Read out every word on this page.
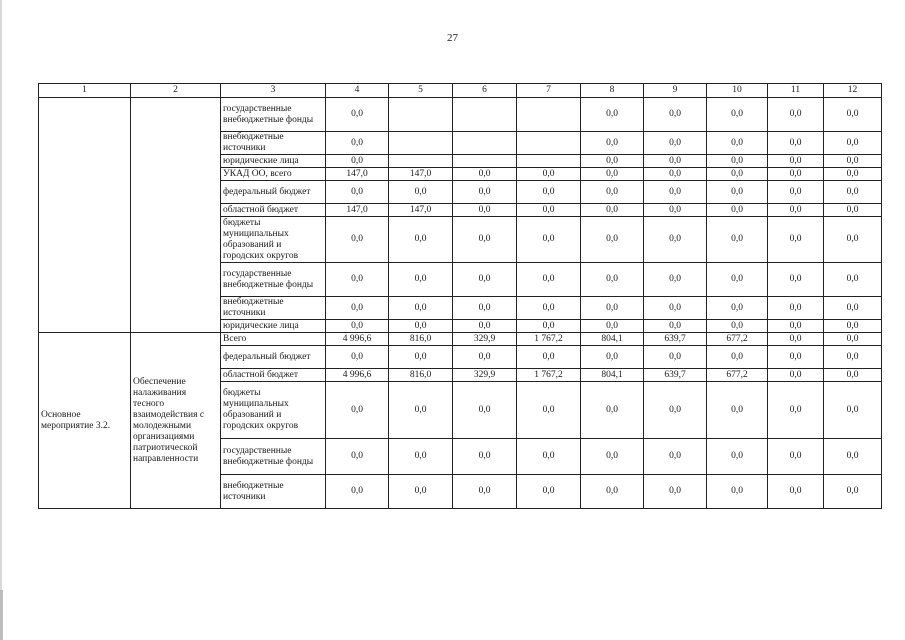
27
1	2	3	4	5	6	7	8	9	10	11	12
		государственные внебюджетные фонды	0,0				0,0	0,0	0,0	0,0	0,0
		внебюджетные источники	0,0				0,0	0,0	0,0	0,0	0,0
		юридические лица	0,0				0,0	0,0	0,0	0,0	0,0
		УКАД ОО, всего	147,0	147,0	0,0	0,0	0,0	0,0	0,0	0,0	0,0
		федеральный бюджет	0,0	0,0	0,0	0,0	0,0	0,0	0,0	0,0	0,0
		областной бюджет	147,0	147,0	0,0	0,0	0,0	0,0	0,0	0,0	0,0
		бюджеты муниципальных образований и городских округов	0,0	0,0	0,0	0,0	0,0	0,0	0,0	0,0	0,0
		государственные внебюджетные фонды	0,0	0,0	0,0	0,0	0,0	0,0	0,0	0,0	0,0
		внебюджетные источники	0,0	0,0	0,0	0,0	0,0	0,0	0,0	0,0	0,0
		юридические лица	0,0	0,0	0,0	0,0	0,0	0,0	0,0	0,0	0,0
Основное мероприятие 3.2.	Обеспечение налаживания тесного взаимодействия с молодежными организациями патриотической направленности	Всего	4 996,6	816,0	329,9	1 767,2	804,1	639,7	677,2	0,0	0,0
		федеральный бюджет	0,0	0,0	0,0	0,0	0,0	0,0	0,0	0,0	0,0
		областной бюджет	4 996,6	816,0	329,9	1 767,2	804,1	639,7	677,2	0,0	0,0
		бюджеты муниципальных образований и городских округов	0,0	0,0	0,0	0,0	0,0	0,0	0,0	0,0	0,0
		государственные внебюджетные фонды	0,0	0,0	0,0	0,0	0,0	0,0	0,0	0,0	0,0
		внебюджетные источники	0,0	0,0	0,0	0,0	0,0	0,0	0,0	0,0	0,0
